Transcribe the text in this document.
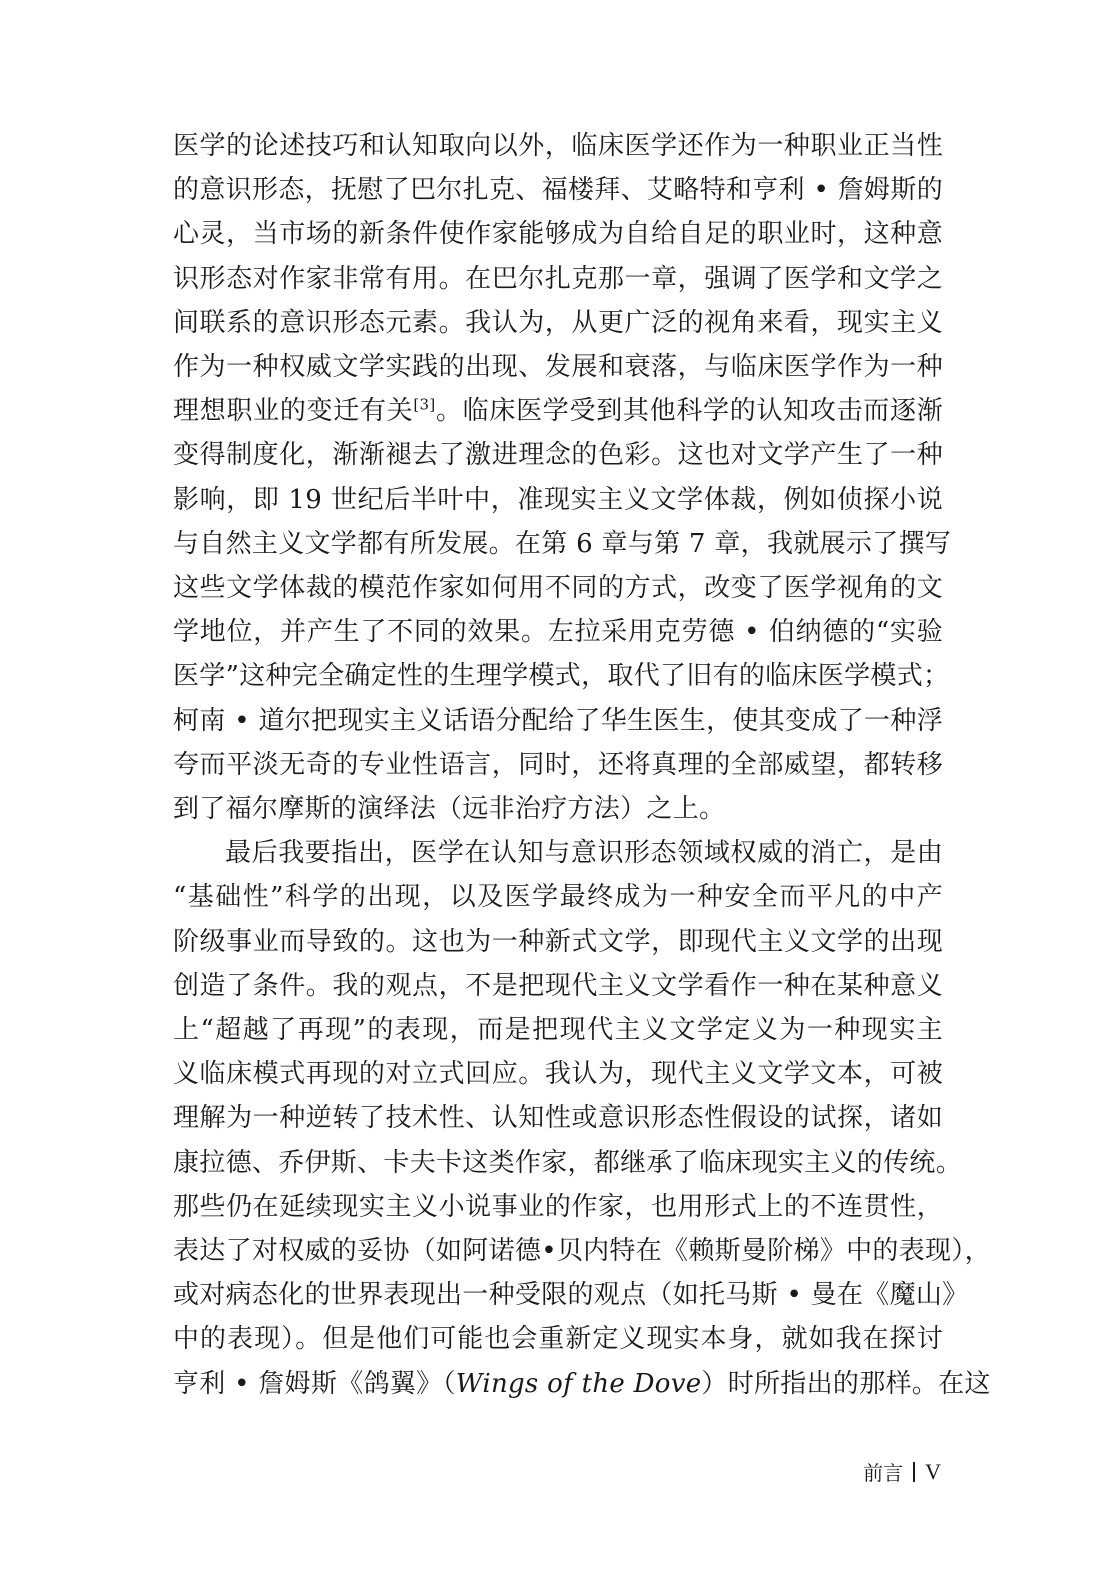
医学的论述技巧和认知取向以外，临床医学还作为一种职业正当性
的意识形态，抚慰了巴尔扎克、福楼拜、艾略特和亨利 • 詹姆斯的
心灵，当市场的新条件使作家能够成为自给自足的职业时，这种意
识形态对作家非常有用。在巴尔扎克那一章，强调了医学和文学之
间联系的意识形态元素。我认为，从更广泛的视角来看，现实主义
作为一种权威文学实践的出现、发展和衰落，与临床医学作为一种
理想职业的变迁有关[3]。临床医学受到其他科学的认知攻击而逐渐
变得制度化，渐渐褪去了激进理念的色彩。这也对文学产生了一种
影响，即 19 世纪后半叶中，准现实主义文学体裁，例如侦探小说
与自然主义文学都有所发展。在第 6 章与第 7 章，我就展示了撰写
这些文学体裁的模范作家如何用不同的方式，改变了医学视角的文
学地位，并产生了不同的效果。左拉采用克劳德 • 伯纳德的“实验
医学”这种完全确定性的生理学模式，取代了旧有的临床医学模式；
柯南 • 道尔把现实主义话语分配给了华生医生，使其变成了一种浮
夸而平淡无奇的专业性语言，同时，还将真理的全部威望，都转移
到了福尔摩斯的演绎法（远非治疗方法）之上。
最后我要指出，医学在认知与意识形态领域权威的消亡，是由
“基础性”科学的出现，以及医学最终成为一种安全而平凡的中产
阶级事业而导致的。这也为一种新式文学，即现代主义文学的出现
创造了条件。我的观点，不是把现代主义文学看作一种在某种意义
上“超越了再现”的表现，而是把现代主义文学定义为一种现实主
义临床模式再现的对立式回应。我认为，现代主义文学文本，可被
理解为一种逆转了技术性、认知性或意识形态性假设的试探，诸如
康拉德、乔伊斯、卡夫卡这类作家，都继承了临床现实主义的传统。
那些仍在延续现实主义小说事业的作家，也用形式上的不连贯性，
表达了对权威的妥协（如阿诺德•贝内特在《赖斯曼阶梯》中的表现），
或对病态化的世界表现出一种受限的观点（如托马斯 • 曼在《魔山》
中的表现）。但是他们可能也会重新定义现实本身，就如我在探讨
亨利 • 詹姆斯《鸽翼》（Wings of the Dove）时所指出的那样。在这
前言 V
